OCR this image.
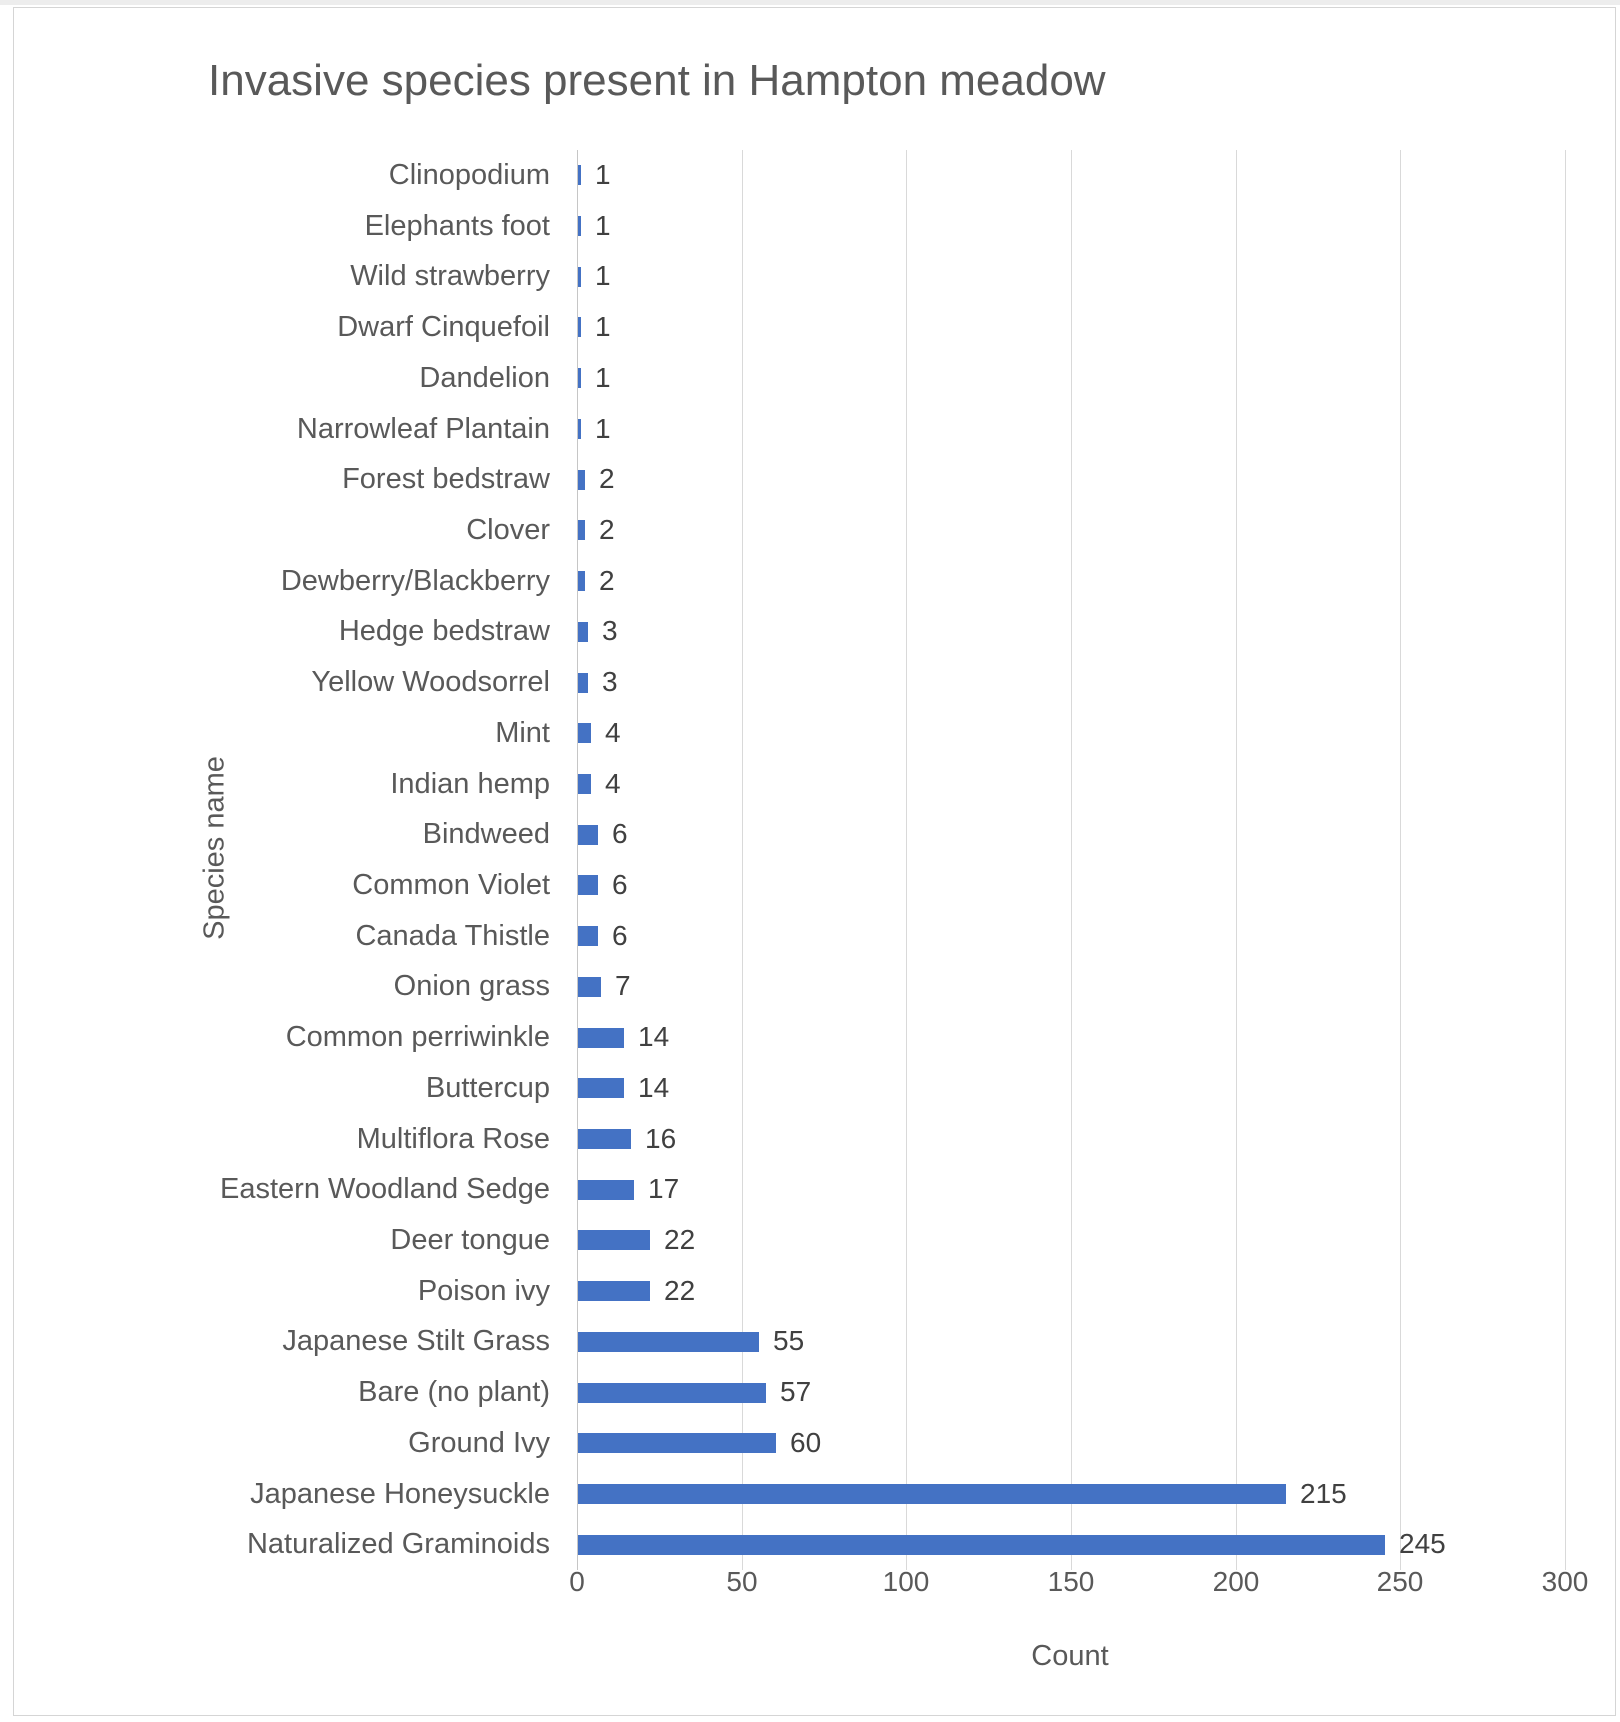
Invasive species present in Hampton meadow
Species name
Count
0	50	100	150	200	250	300
Clinopodium 1
Elephants foot 1
Wild strawberry 1
Dwarf Cinquefoil 1
Dandelion 1
Narrowleaf Plantain 1
Forest bedstraw 2
Clover 2
Dewberry/Blackberry 2
Hedge bedstraw 3
Yellow Woodsorrel 3
Mint 4
Indian hemp 4
Bindweed 6
Common Violet 6
Canada Thistle 6
Onion grass 7
Common perriwinkle	14
Buttercup	14
Multiflora Rose	16
Eastern Woodland Sedge	17
Deer tongue	22
Poison ivy	22
Japanese Stilt Grass	55
Bare (no plant)	57
Ground Ivy	60
Japanese Honeysuckle	215
Naturalized Graminoids	245
